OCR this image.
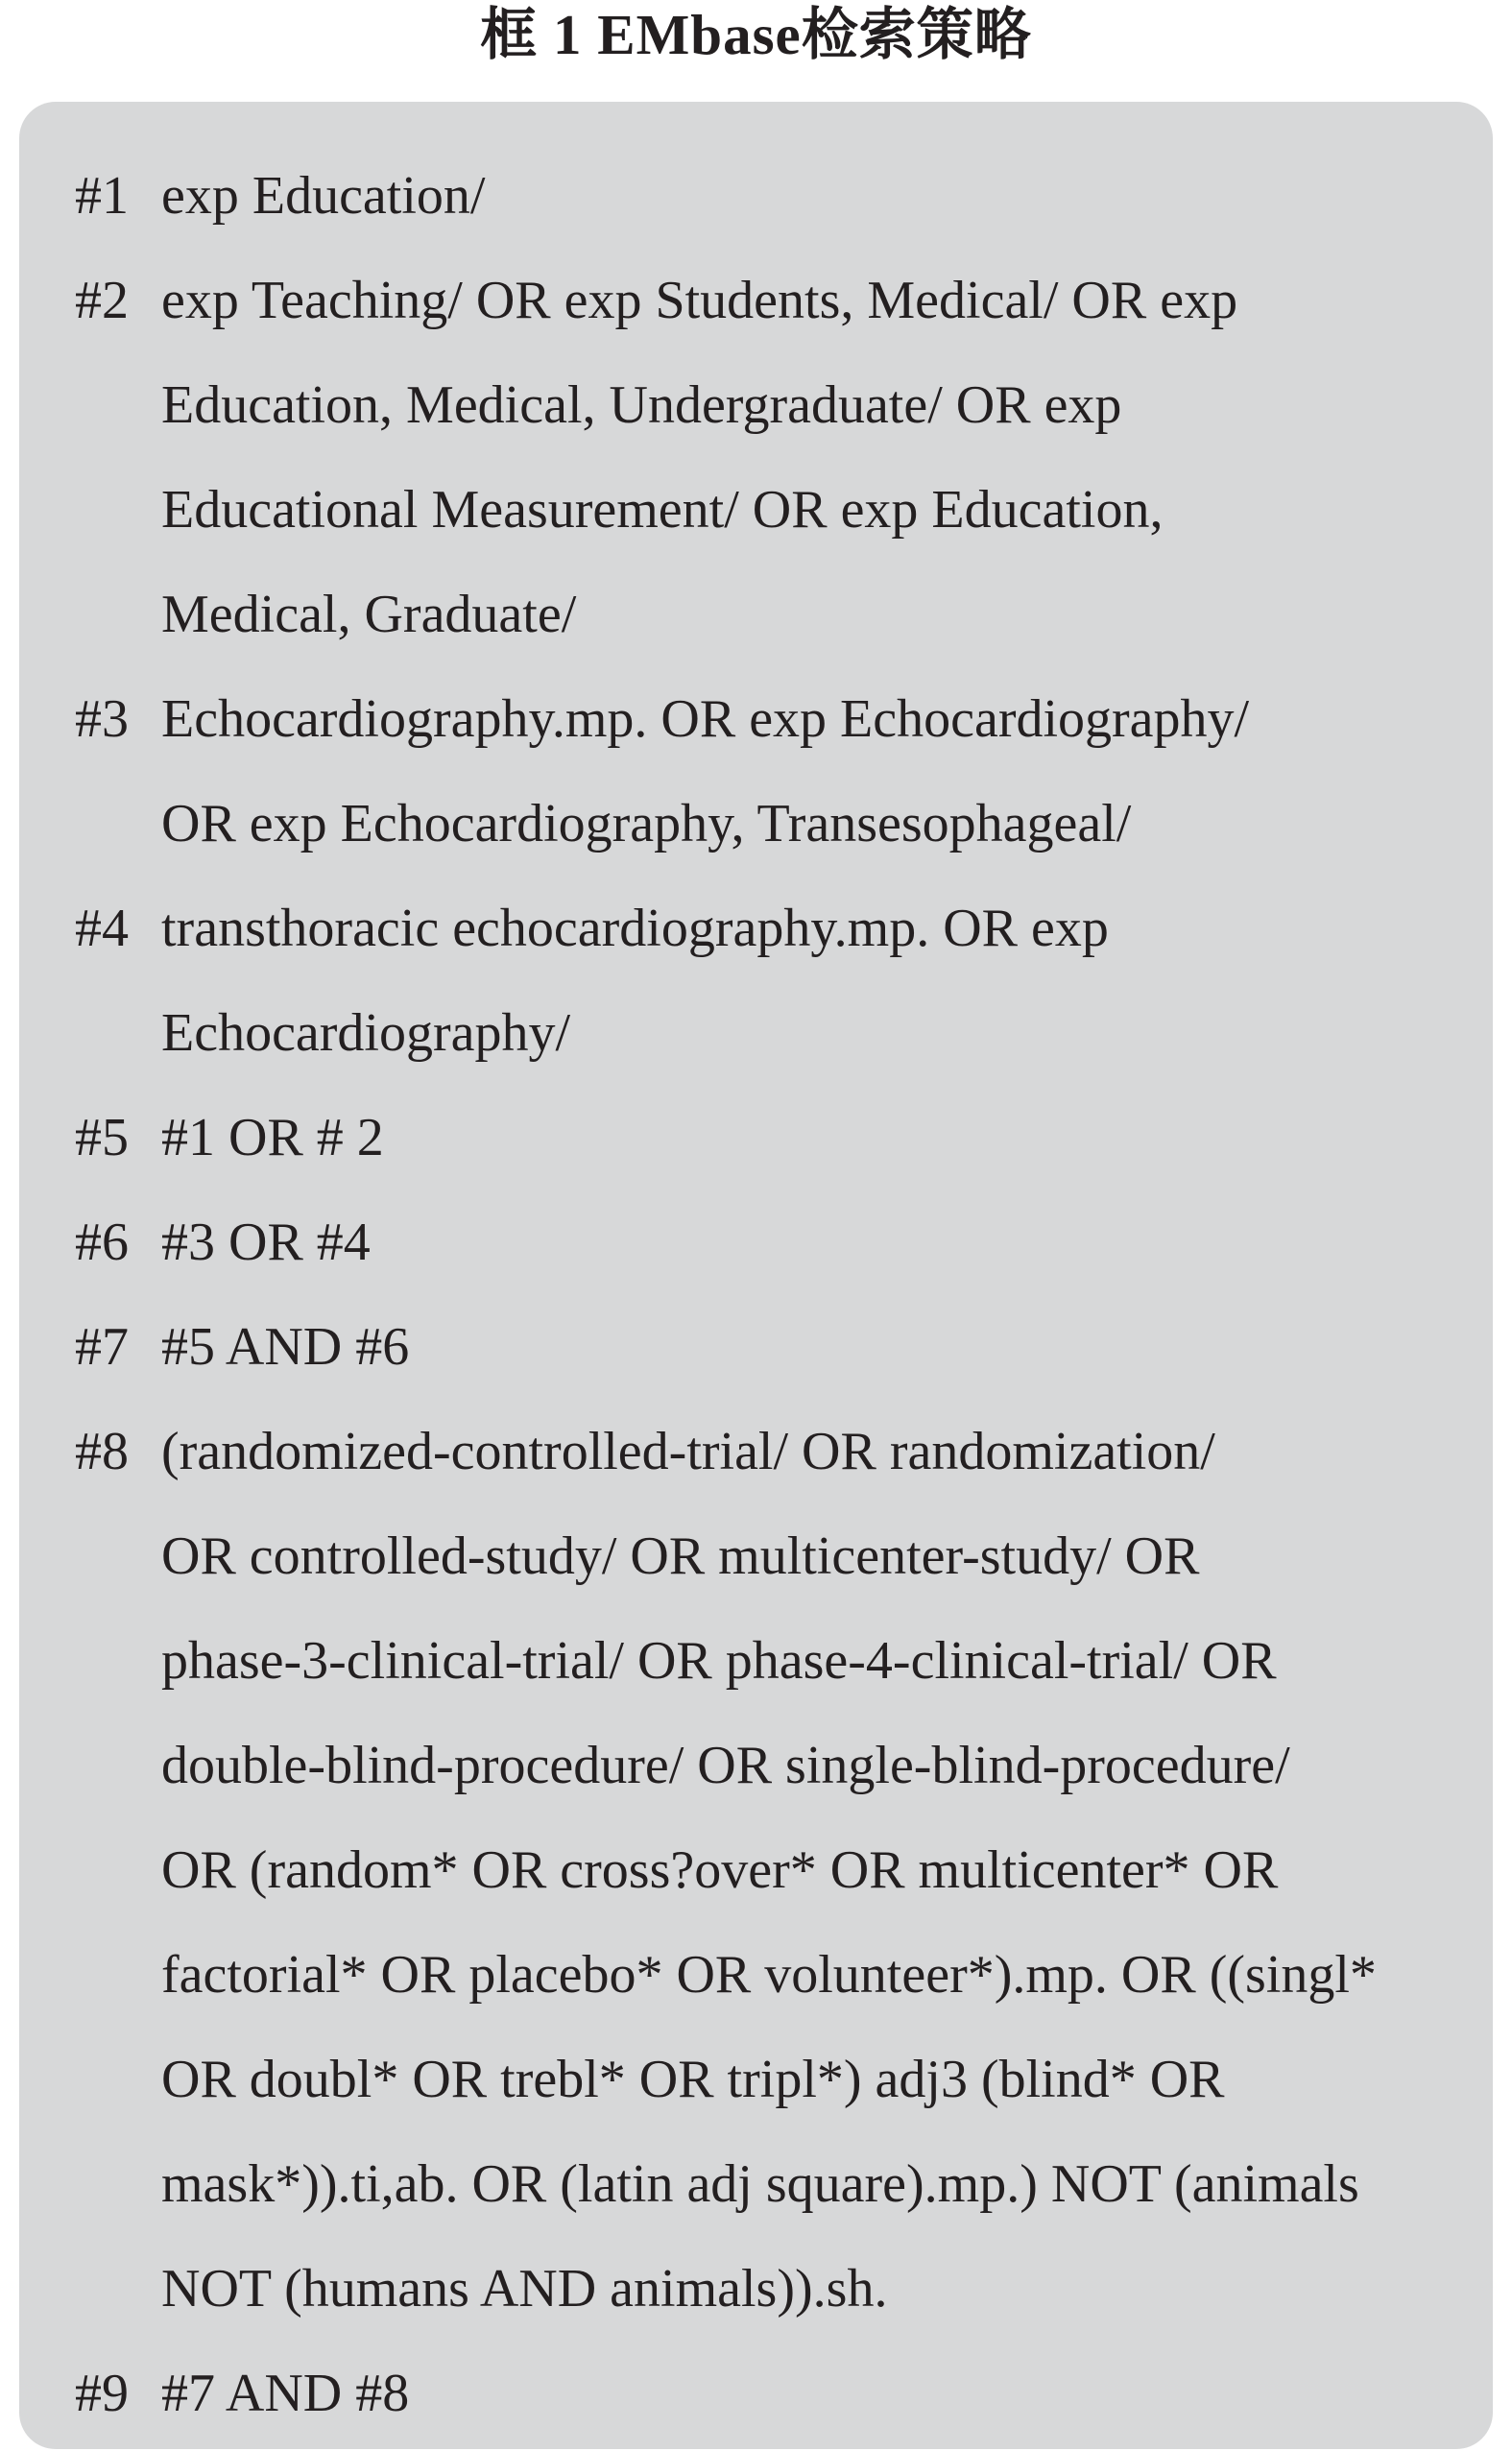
框 1 EMbase检索策略
#1 exp Education/
#2 exp Teaching/ OR exp Students, Medical/ OR exp
Education, Medical, Undergraduate/ OR exp
Educational Measurement/ OR exp Education,
Medical, Graduate/
#3 Echocardiography.mp. OR exp Echocardiography/
OR exp Echocardiography, Transesophageal/
#4 transthoracic echocardiography.mp. OR exp
Echocardiography/
#5 #1 OR # 2
#6 #3 OR #4
#7 #5 AND #6
#8 (randomized-controlled-trial/ OR randomization/
OR controlled-study/ OR multicenter-study/ OR
phase-3-clinical-trial/ OR phase-4-clinical-trial/ OR
double-blind-procedure/ OR single-blind-procedure/
OR (random* OR cross?over* OR multicenter* OR
factorial* OR placebo* OR volunteer*).mp. OR ((singl*
OR doubl* OR trebl* OR tripl*) adj3 (blind* OR
mask*)).ti,ab. OR (latin adj square).mp.) NOT (animals
NOT (humans AND animals)).sh.
#9 #7 AND #8
